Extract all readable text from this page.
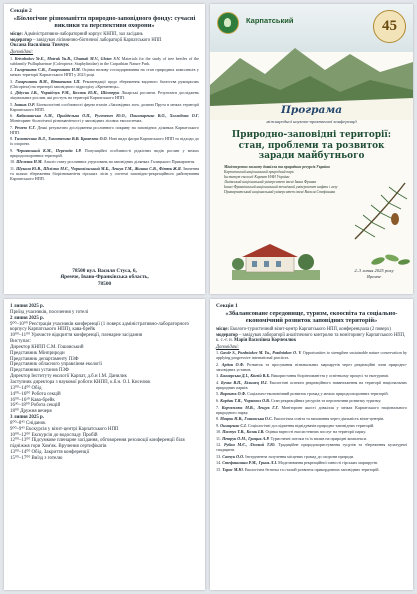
Секція 2
«Біологічне різноманіття природно-заповідного фонду: сучасні виклики та перспективи охорони»
місце: Адміністративно-лабораторний корпус КНПП, зал засідань
модератор – завідувач лісівнично-біотичної лабораторії Карпатського НПП
Оксана Василівна Тимчук
Доповідачі:
1. Krivobokov Ye.E., Motruk Yu.B., Chumak M.V., Glotov S.V. Materials for the study of tree beetles of the subfamily Psilluphaeinae (Coleoptera: Staphylinidae) in the Carpathian Nature Park.
2. Гагарчинюк С.В., Гагарчинюк Н.М. Оцінка впливу господарювання на стан природних комплексів у межах території Карпатського НПП у 2023 році.
3. Гагарчинюк В.М., Віткачнюк І.П. Рекомендації щодо збереження видового багатства рукокрилих (Chiroptera) на території заповідного підрозділу «Кременець».
4. Дідусик І.В., Чорнійчук Р.М., Козлюк Ю.Н., Шістерук Лікарські рослини. Результати досліджень лікувальних рослин, які ростуть на території Карпатського НПП.
5. Іваник О.Р. Біоекологічні особливості фауни птахів «Заповідних зон» долини Прута в межах території Карпатського НПП.
6. Кабашанська А.М., Прийдельна О.П., Ругачевич Ю.О., Пономаренко В.О., Холмідова О.Г. Моніторинг біологічної різноманітності у заповідних лісових екосистемах.
7. Ремезо Є.Г. Деякі результати дослідження рослинного покриву на заповідних ділянках Карпатського НПП.
8. Тимотеєнко В.Л., Тимотеєнко В.В. Кравелюк О.О. Нові види флори Карпатського НПП та підходи до їх охорони.
9. Чернявський К.М., Пересада І.Р. Популяційні особливості рідкісних видів рослин у межах природоохоронних територій.
10. Шелевак Н.М. Аналіз стану рослинних угруповань на заповідних ділянках Галицького Прикарпаття.
11. Шукала Ю.В., Шілімко М.Є., Чорновільський М.Б., Лешук Т.М., Жишко С.В., Фітюк Ж.Я. Значення та шляхи збереження біорізноманіття гірських лісів у системі заповідно-рекреаційного районування Карпатського НПП.
78500 вул. Василя Стуса, 6,
Яремче, Івано-Франківська область,
78500
Карпатський	45
Програма
міжнародної науково-практичної конференції
Природно-заповідні території: стан, проблеми та розвиток заради майбутнього
Міністерство захисту довкілля та природних ресурсів України
Карпатський національний природний парк
Інститут екології Карпат НАН України
Львівський національний університет імені Івана Франка
Івано-Франківський національний технічний університет нафти і газу
Прикарпатський національний університет імені Василя Стефаника
2–3 липня 2025 року
Яремче
1 липня 2025 р.
Приїзд учасників, поселення у готелі
2 липня 2025 р.
9⁰⁰–10⁰⁰ Реєстрація учасників конференції (1 поверх адміністративно-лабораторного корпусу Карпатського НПП), кава-брейк
10⁰⁰–11⁰⁰ Урочисте відкриття конференції, пленарне засідання
Виступає:
Директор КНПП С.М. Гошовський
Представник Мінприроди
Представник департаменту ПЗФ
Представник обласного управління екології
Представники установ ПЗФ
Директор Інституту екології Карпат, д.б.н І.М. Данилик
Заступник директора з наукової роботи КНПП, к.б.н. О.І. Киселюк
13⁰⁰–14⁰⁰ Обід
14⁰⁰–16⁰⁰ Робота секцій
16⁰⁰–16³⁰ Кава-брейк
16³⁰–18⁰⁰ Робота секцій
18⁰⁰ Дружня вечеря
3 липня 2025 р.
8⁰⁰–8⁴⁵ Сніданок
9⁰⁰–9⁴⁵ Екскурсія у візит-центрі Карпатського НПП
10⁰⁰–12⁰⁰ Екскурсія до водоспаду Пробій
12⁰⁰–13⁰⁰ Підсумкове пленарне засідання, обговорення резолюції конференції біля підніжжя гори Хом'як. Вручення сертифікатів
13⁰⁰–14⁰⁰ Обід. Закриття конференції
15⁰⁰–17⁰⁰ Виїзд з готелю
Секція 1
«Збалансоване середовище, туризм, екоосвіта та соціально-економічний розвиток заповідних територій»
місце: Еколого-туристичний візит-центр Карпатського НПП, конференцзала (2 поверх)
модератор – завідувач лабораторії аналітичного контролю та моніторингу Карпатського НПП, к. с.-г. н. Марія Василівна Корчемлюк
Доповідачі:
1. Gawle S., Pozdniakov M. Yu., Pozdniakov O. V. Opportunities to strengthen sustainable nature conservation by applying progressive international practices.
2. Ардан О.Ф. Розвиток та просування пізнавальних маршрутів через рекреаційні зони природно-заповідних установ.
3. Багнярська Д.І., Кінзій В.Б. Використання біорізноманіття у освітньому процесі та екотуризмі.
4. Бучко В.П., Білинец Н.І. Екологічні аспекти рекреаційного навантаження на території національних природних парків.
5. Воронюк О.Ф. Соціально-економічний розвиток громад у межах природоохоронних територій.
6. Кордан Т.Я., Чорновол О.В. Стан рекреаційних ресурсів та перспективи розвитку туризму.
7. Корчемлюк М.В., Лещук Г.Г. Моніторинг якості довкілля у межах Карпатського національного природного парку.
8. Мацюк Н.В., Гошовська О.С. Екологічна освіта та виховання через діяльність візит-центрів.
9. Онищенко С.І. Соціологічні дослідження відвідувачів природно-заповідних територій.
10. Пастух Т.В., Козак І.В. Оцінка вартості екосистемних послуг на території парку.
11. Петрук О.М., Грицик А.Р. Туристичні потоки та їх вплив на природні комплекси.
12. Рубан М.Є., Лісовий Т.Ю. Традиційне природокористування гуцулів та збереження культурної спадщини.
13. Савчук О.О. Інструменти залучення місцевих громад до охорони природи.
14. Стефанишин Р.М., Гринь Л.І. Моделювання рекреаційної ємності гірських маршрутів.
15. Тарас М.Ю. Екологічна безпека та сталий розвиток прикордонних заповідних територій.
